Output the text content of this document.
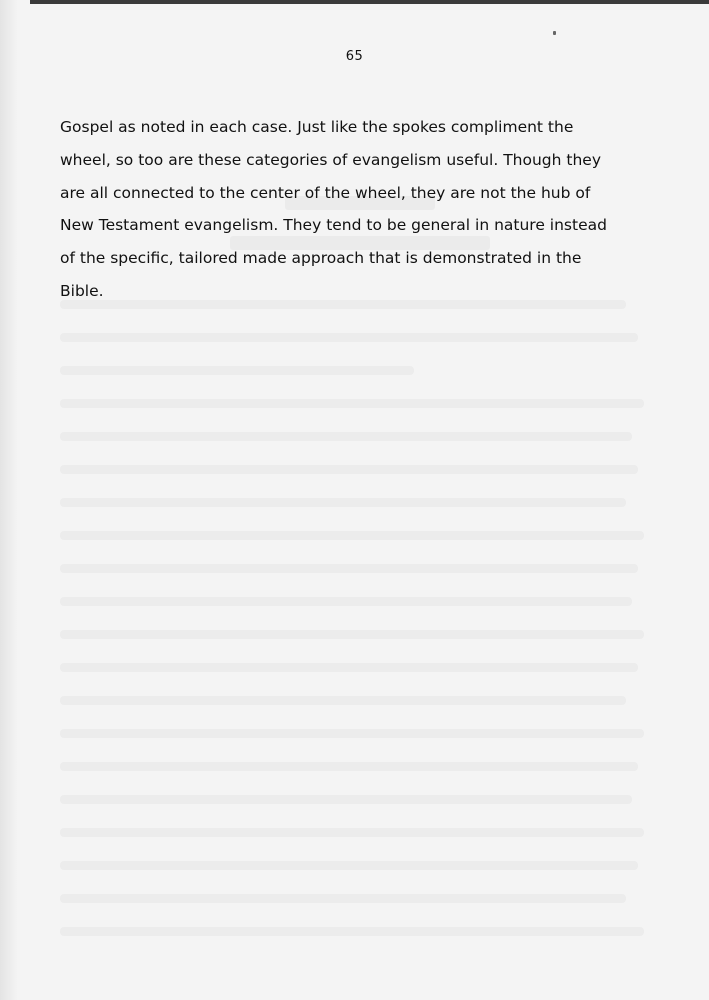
65
Gospel as noted in each case. Just like the spokes compliment the
wheel, so too are these categories of evangelism useful. Though they
are all connected to the center of the wheel, they are not the hub of
New Testament evangelism. They tend to be general in nature instead
of the specific, tailored made approach that is demonstrated in the
Bible.
